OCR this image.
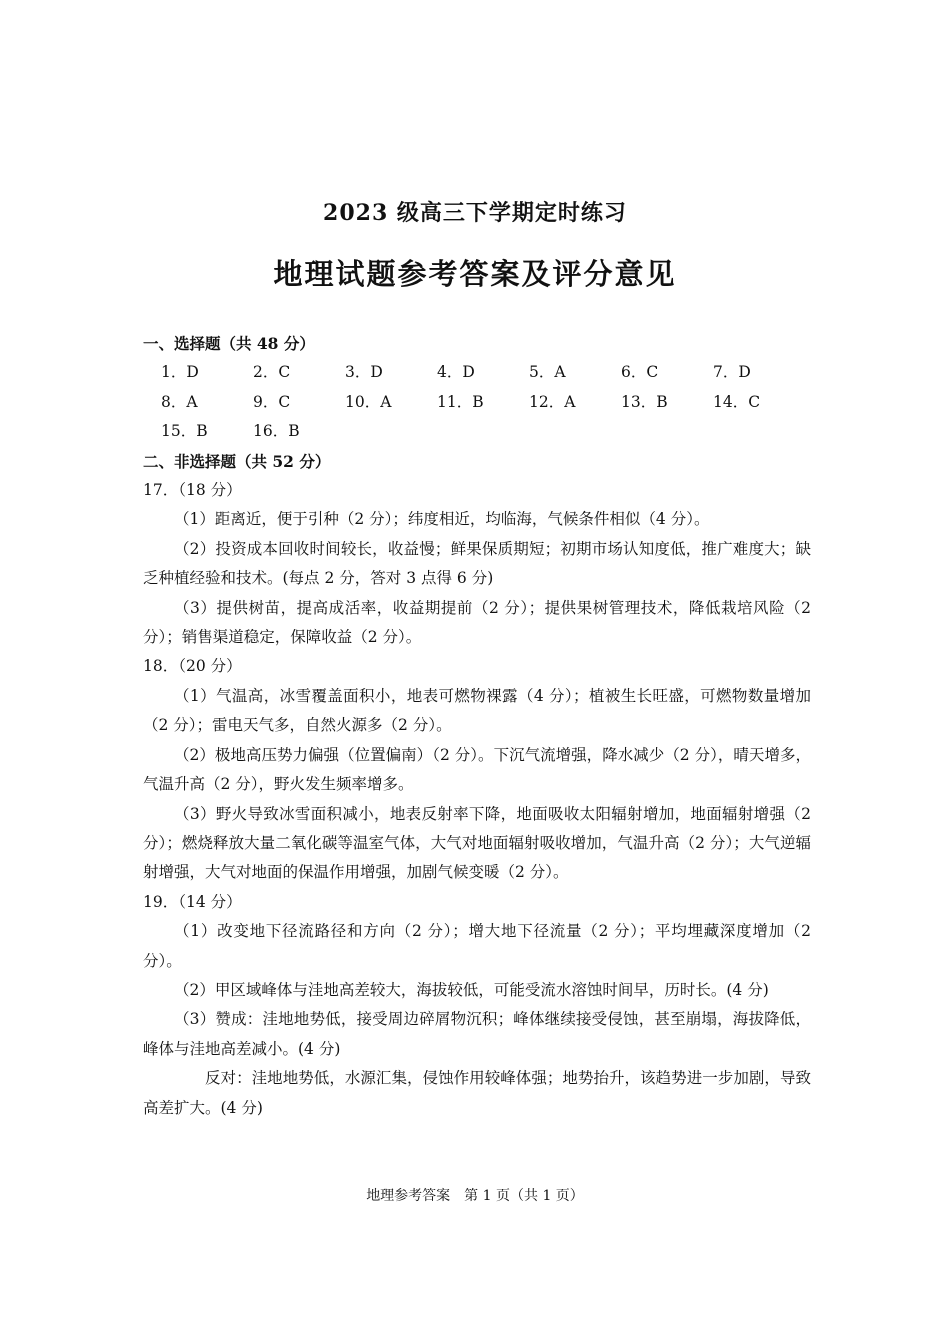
2023 级高三下学期定时练习
地理试题参考答案及评分意见
一、选择题（共 48 分）
1．D	2．C	3．D	4．D	5．A	6．C	7．D
8．A	9．C	10．A	11．B	12．A	13．B	14．C
15．B	16．B
二、非选择题（共 52 分）
17．（18 分）
（1）距离近，便于引种（2 分）；纬度相近，均临海，气候条件相似（4 分）。
（2）投资成本回收时间较长，收益慢；鲜果保质期短；初期市场认知度低，推广难度大；缺乏种植经验和技术。(每点 2 分，答对 3 点得 6 分)
（3）提供树苗，提高成活率，收益期提前（2 分）；提供果树管理技术，降低栽培风险（2 分）；销售渠道稳定，保障收益（2 分）。
18．（20 分）
（1）气温高，冰雪覆盖面积小，地表可燃物裸露（4 分）；植被生长旺盛，可燃物数量增加（2 分）；雷电天气多，自然火源多（2 分）。
（2）极地高压势力偏强（位置偏南）（2 分）。下沉气流增强，降水减少（2 分），晴天增多，气温升高（2 分），野火发生频率增多。
（3）野火导致冰雪面积减小，地表反射率下降，地面吸收太阳辐射增加，地面辐射增强（2 分）；燃烧释放大量二氧化碳等温室气体，大气对地面辐射吸收增加，气温升高（2 分）；大气逆辐射增强，大气对地面的保温作用增强，加剧气候变暖（2 分）。
19．（14 分）
（1）改变地下径流路径和方向（2 分）；增大地下径流量（2 分）；平均埋藏深度增加（2 分）。
（2）甲区域峰体与洼地高差较大，海拔较低，可能受流水溶蚀时间早，历时长。(4 分)
（3）赞成：洼地地势低，接受周边碎屑物沉积；峰体继续接受侵蚀，甚至崩塌，海拔降低，峰体与洼地高差减小。(4 分)
反对：洼地地势低，水源汇集，侵蚀作用较峰体强；地势抬升，该趋势进一步加剧，导致高差扩大。(4 分)
地理参考答案　第 1 页（共 1 页）
